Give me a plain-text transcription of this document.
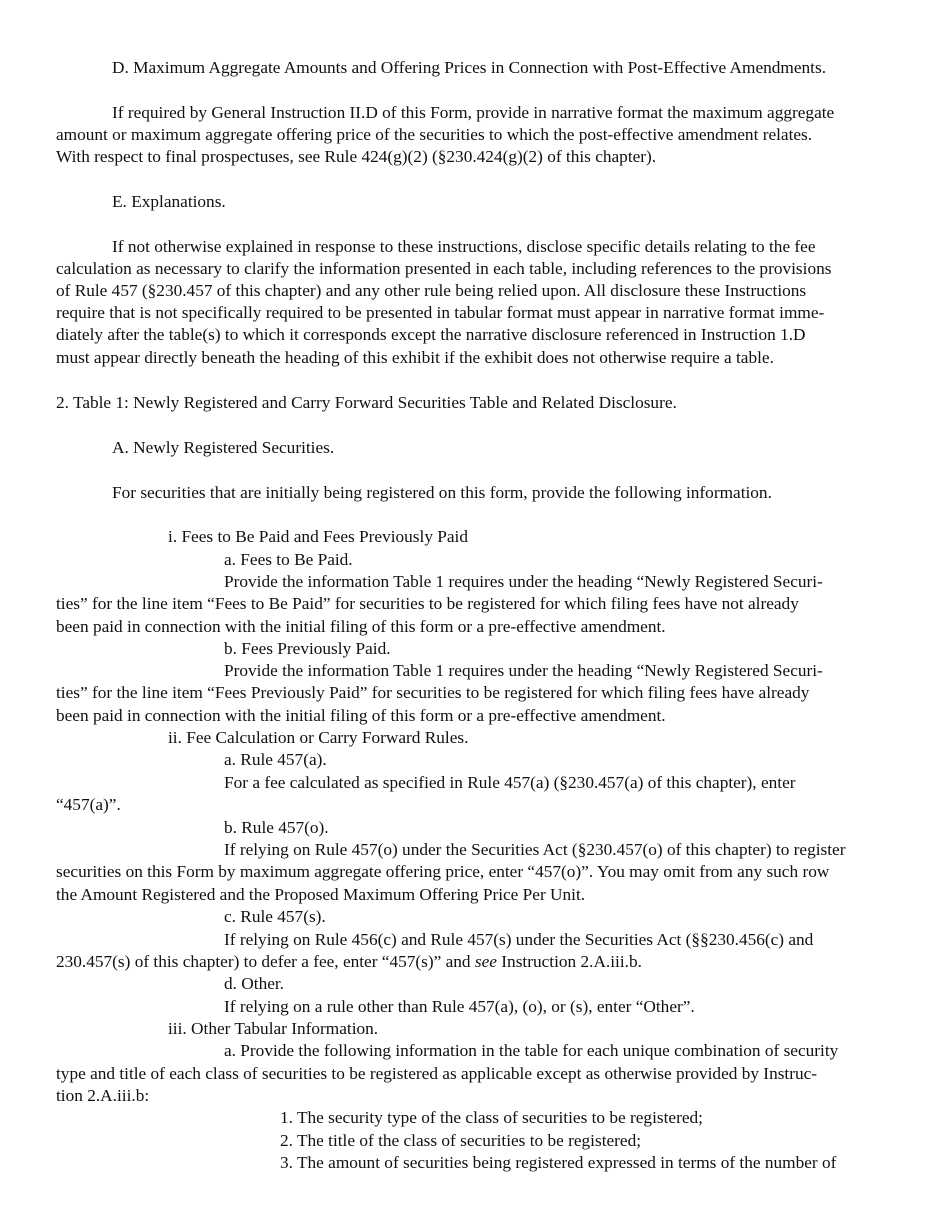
D. Maximum Aggregate Amounts and Offering Prices in Connection with Post-Effective Amendments.
If required by General Instruction II.D of this Form, provide in narrative format the maximum aggregate
amount or maximum aggregate offering price of the securities to which the post-effective amendment relates.
With respect to final prospectuses, see Rule 424(g)(2) (§230.424(g)(2) of this chapter).
E. Explanations.
If not otherwise explained in response to these instructions, disclose specific details relating to the fee
calculation as necessary to clarify the information presented in each table, including references to the provisions
of Rule 457 (§230.457 of this chapter) and any other rule being relied upon. All disclosure these Instructions
require that is not specifically required to be presented in tabular format must appear in narrative format imme-
diately after the table(s) to which it corresponds except the narrative disclosure referenced in Instruction 1.D
must appear directly beneath the heading of this exhibit if the exhibit does not otherwise require a table.
2. Table 1: Newly Registered and Carry Forward Securities Table and Related Disclosure.
A. Newly Registered Securities.
For securities that are initially being registered on this form, provide the following information.
i. Fees to Be Paid and Fees Previously Paid
a. Fees to Be Paid.
Provide the information Table 1 requires under the heading “Newly Registered Securi-
ties” for the line item “Fees to Be Paid” for securities to be registered for which filing fees have not already
been paid in connection with the initial filing of this form or a pre-effective amendment.
b. Fees Previously Paid.
Provide the information Table 1 requires under the heading “Newly Registered Securi-
ties” for the line item “Fees Previously Paid” for securities to be registered for which filing fees have already
been paid in connection with the initial filing of this form or a pre-effective amendment.
ii. Fee Calculation or Carry Forward Rules.
a. Rule 457(a).
For a fee calculated as specified in Rule 457(a) (§230.457(a) of this chapter), enter
“457(a)”.
b. Rule 457(o).
If relying on Rule 457(o) under the Securities Act (§230.457(o) of this chapter) to register
securities on this Form by maximum aggregate offering price, enter “457(o)”. You may omit from any such row
the Amount Registered and the Proposed Maximum Offering Price Per Unit.
c. Rule 457(s).
If relying on Rule 456(c) and Rule 457(s) under the Securities Act (§§230.456(c) and
230.457(s) of this chapter) to defer a fee, enter “457(s)” and see Instruction 2.A.iii.b.
d. Other.
If relying on a rule other than Rule 457(a), (o), or (s), enter “Other”.
iii. Other Tabular Information.
a. Provide the following information in the table for each unique combination of security
type and title of each class of securities to be registered as applicable except as otherwise provided by Instruc-
tion 2.A.iii.b:
1. The security type of the class of securities to be registered;
2. The title of the class of securities to be registered;
3. The amount of securities being registered expressed in terms of the number of
